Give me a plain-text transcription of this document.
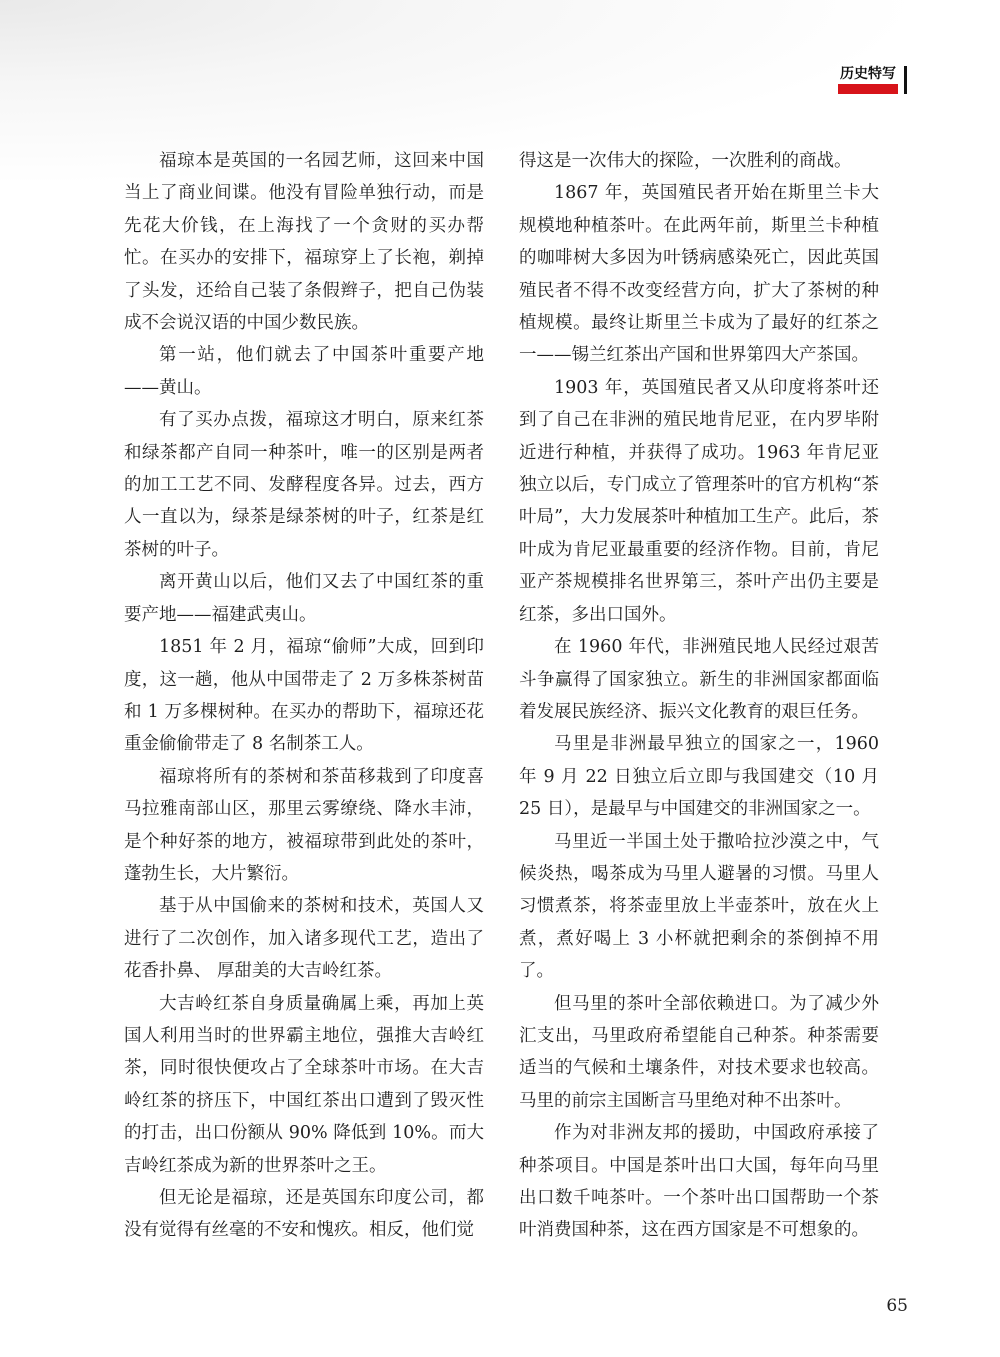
历史特写

福琼本是英国的一名园艺师，这回来中国当上了商业间谍。他没有冒险单独行动，而是先花大价钱，在上海找了一个贪财的买办帮忙。在买办的安排下，福琼穿上了长袍，剃掉了头发，还给自己装了条假辫子，把自己伪装成不会说汉语的中国少数民族。

第一站，他们就去了中国茶叶重要产地——黄山。

有了买办点拨，福琼这才明白，原来红茶和绿茶都产自同一种茶叶，唯一的区别是两者的加工工艺不同、发酵程度各异。过去，西方人一直以为，绿茶是绿茶树的叶子，红茶是红茶树的叶子。

离开黄山以后，他们又去了中国红茶的重要产地——福建武夷山。

1851 年 2 月，福琼“偷师”大成，回到印度，这一趟，他从中国带走了 2 万多株茶树苗和 1 万多棵树种。在买办的帮助下，福琼还花重金偷偷带走了 8 名制茶工人。

福琼将所有的茶树和茶苗移栽到了印度喜马拉雅南部山区，那里云雾缭绕、降水丰沛，是个种好茶的地方，被福琼带到此处的茶叶，蓬勃生长，大片繁衍。

基于从中国偷来的茶树和技术，英国人又进行了二次创作，加入诸多现代工艺，造出了花香扑鼻、 厚甜美的大吉岭红茶。

大吉岭红茶自身质量确属上乘，再加上英国人利用当时的世界霸主地位，强推大吉岭红茶，同时很快便攻占了全球茶叶市场。在大吉岭红茶的挤压下，中国红茶出口遭到了毁灭性的打击，出口份额从 90% 降低到 10%。而大吉岭红茶成为新的世界茶叶之王。

但无论是福琼，还是英国东印度公司，都没有觉得有丝毫的不安和愧疚。相反，他们觉

得这是一次伟大的探险，一次胜利的商战。

1867 年，英国殖民者开始在斯里兰卡大规模地种植茶叶。在此两年前，斯里兰卡种植的咖啡树大多因为叶锈病感染死亡，因此英国殖民者不得不改变经营方向，扩大了茶树的种植规模。最终让斯里兰卡成为了最好的红茶之一——锡兰红茶出产国和世界第四大产茶国。

1903 年，英国殖民者又从印度将茶叶还到了自己在非洲的殖民地肯尼亚，在内罗毕附近进行种植，并获得了成功。1963 年肯尼亚独立以后，专门成立了管理茶叶的官方机构“茶叶局”，大力发展茶叶种植加工生产。此后，茶叶成为肯尼亚最重要的经济作物。目前，肯尼亚产茶规模排名世界第三，茶叶产出仍主要是红茶，多出口国外。

在 1960 年代，非洲殖民地人民经过艰苦斗争赢得了国家独立。新生的非洲国家都面临着发展民族经济、振兴文化教育的艰巨任务。

马里是非洲最早独立的国家之一，1960 年 9 月 22 日独立后立即与我国建交（10 月 25 日），是最早与中国建交的非洲国家之一。

马里近一半国土处于撒哈拉沙漠之中，气候炎热，喝茶成为马里人避暑的习惯。马里人习惯煮茶，将茶壶里放上半壶茶叶，放在火上煮，煮好喝上 3 小杯就把剩余的茶倒掉不用了。

但马里的茶叶全部依赖进口。为了减少外汇支出，马里政府希望能自己种茶。种茶需要适当的气候和土壤条件，对技术要求也较高。马里的前宗主国断言马里绝对种不出茶叶。

作为对非洲友邦的援助，中国政府承接了种茶项目。中国是茶叶出口大国，每年向马里出口数千吨茶叶。一个茶叶出口国帮助一个茶叶消费国种茶，这在西方国家是不可想象的。

65
